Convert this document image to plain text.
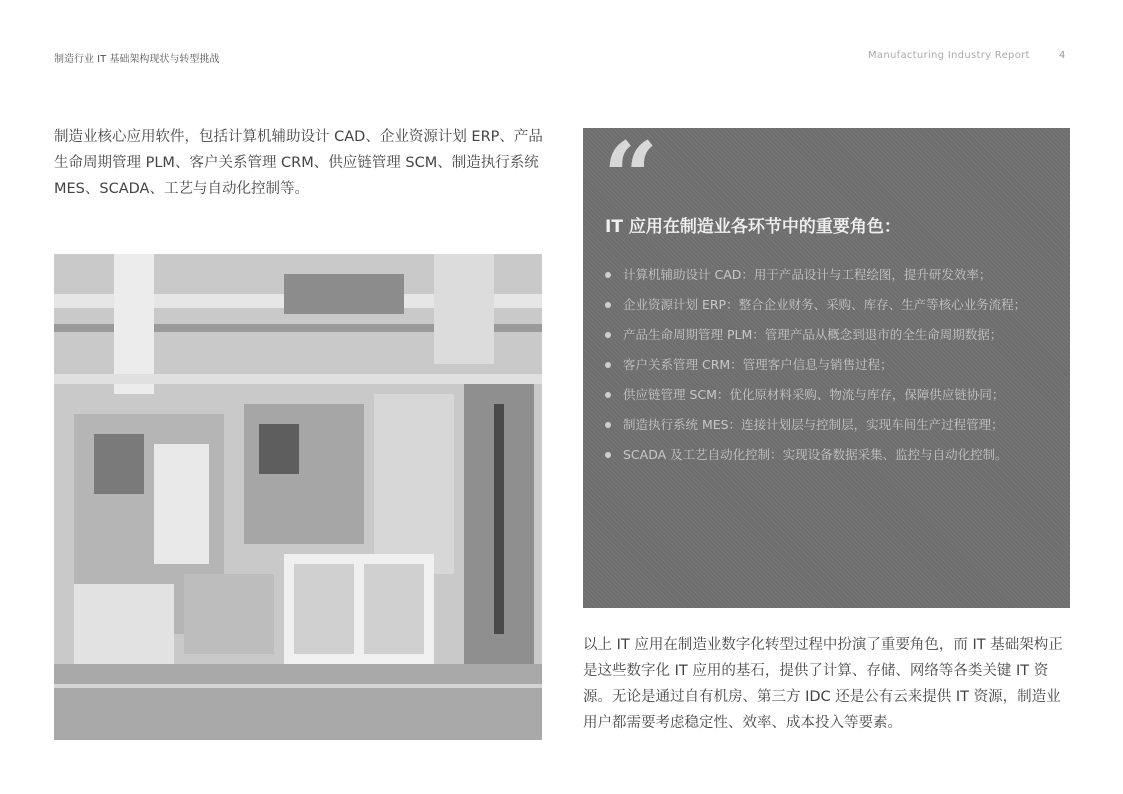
制造行业 IT 基础架构现状与转型挑战	Manufacturing Industry Report	4
制造业核心应用软件，包括计算机辅助设计 CAD、企业资源计划 ERP、产品生命周期管理 PLM、客户关系管理 CRM、供应链管理 SCM、制造执行系统 MES、SCADA、工艺与自动化控制等。	“
IT 应用在制造业各环节中的重要角色：
计算机辅助设计 CAD：用于产品设计与工程绘图，提升研发效率；
企业资源计划 ERP：整合企业财务、采购、库存、生产等核心业务流程；
产品生命周期管理 PLM：管理产品从概念到退市的全生命周期数据；
客户关系管理 CRM：管理客户信息与销售过程；
供应链管理 SCM：优化原材料采购、物流与库存，保障供应链协同；
制造执行系统 MES：连接计划层与控制层，实现车间生产过程管理；
SCADA 及工艺自动化控制：实现设备数据采集、监控与自动化控制。
以上 IT 应用在制造业数字化转型过程中扮演了重要角色，而 IT 基础架构正是这些数字化 IT 应用的基石，提供了计算、存储、网络等各类关键 IT 资源。无论是通过自有机房、第三方 IDC 还是公有云来提供 IT 资源，制造业用户都需要考虑稳定性、效率、成本投入等要素。
